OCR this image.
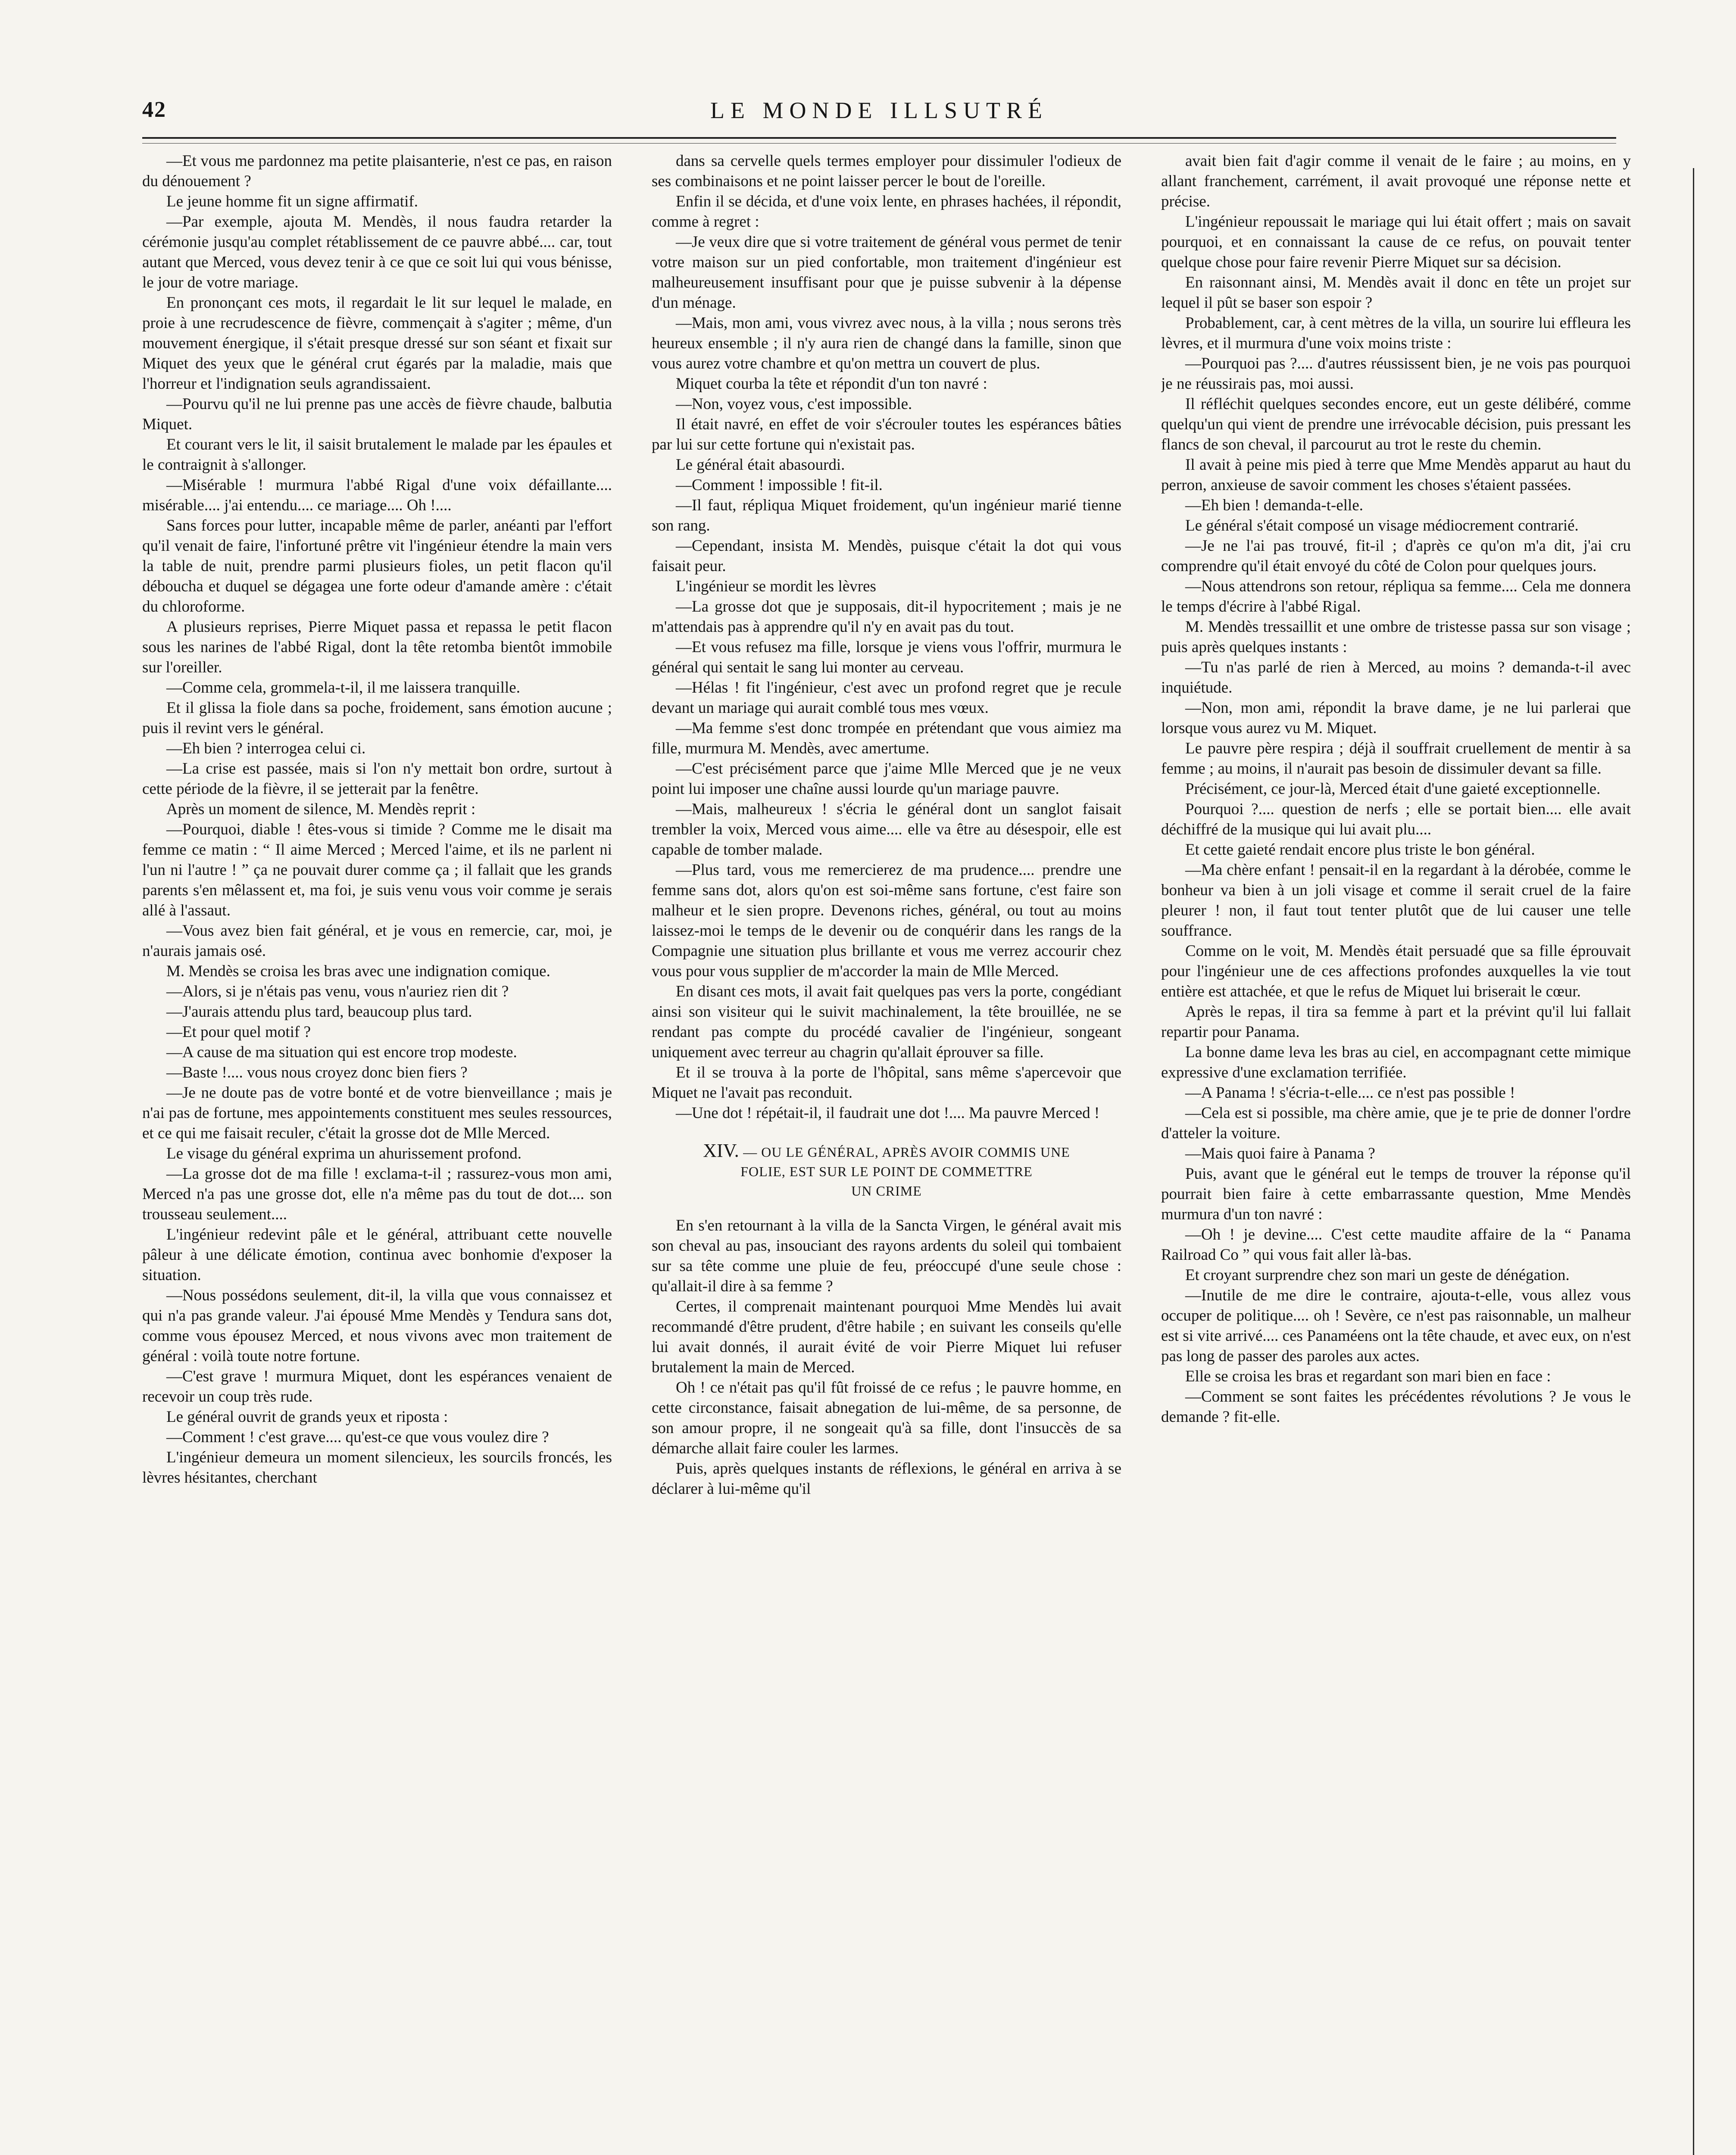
42	LE MONDE ILLSUTRÉ

—Et vous me pardonnez ma petite plaisanterie, n'est ce pas, en raison du dénouement ?

Le jeune homme fit un signe affirmatif.

—Par exemple, ajouta M. Mendès, il nous faudra retarder la cérémonie jusqu'au complet rétablissement de ce pauvre abbé.... car, tout autant que Merced, vous devez tenir à ce que ce soit lui qui vous bénisse, le jour de votre mariage.

En prononçant ces mots, il regardait le lit sur lequel le malade, en proie à une recrudescence de fièvre, commençait à s'agiter ; même, d'un mouvement énergique, il s'était presque dressé sur son séant et fixait sur Miquet des yeux que le général crut égarés par la maladie, mais que l'horreur et l'indignation seuls agrandissaient.

—Pourvu qu'il ne lui prenne pas une accès de fièvre chaude, balbutia Miquet.

Et courant vers le lit, il saisit brutalement le malade par les épaules et le contraignit à s'allonger.

—Misérable ! murmura l'abbé Rigal d'une voix défaillante.... misérable.... j'ai entendu.... ce mariage.... Oh !....

Sans forces pour lutter, incapable même de parler, anéanti par l'effort qu'il venait de faire, l'infortuné prêtre vit l'ingénieur étendre la main vers la table de nuit, prendre parmi plusieurs fioles, un petit flacon qu'il déboucha et duquel se dégagea une forte odeur d'amande amère : c'était du chloroforme.

A plusieurs reprises, Pierre Miquet passa et repassa le petit flacon sous les narines de l'abbé Rigal, dont la tête retomba bientôt immobile sur l'oreiller.

—Comme cela, grommela-t-il, il me laissera tranquille.

Et il glissa la fiole dans sa poche, froidement, sans émotion aucune ; puis il revint vers le général.

—Eh bien ? interrogea celui ci.

—La crise est passée, mais si l'on n'y mettait bon ordre, surtout à cette période de la fièvre, il se jetterait par la fenêtre.

Après un moment de silence, M. Mendès reprit :

—Pourquoi, diable ! êtes-vous si timide ? Comme me le disait ma femme ce matin : “ Il aime Merced ; Merced l'aime, et ils ne parlent ni l'un ni l'autre ! ” ça ne pouvait durer comme ça ; il fallait que les grands parents s'en mêlassent et, ma foi, je suis venu vous voir comme je serais allé à l'assaut.

—Vous avez bien fait général, et je vous en remercie, car, moi, je n'aurais jamais osé.

M. Mendès se croisa les bras avec une indignation comique.

—Alors, si je n'étais pas venu, vous n'auriez rien dit ?

—J'aurais attendu plus tard, beaucoup plus tard.

—Et pour quel motif ?

—A cause de ma situation qui est encore trop modeste.

—Baste !.... vous nous croyez donc bien fiers ?

—Je ne doute pas de votre bonté et de votre bienveillance ; mais je n'ai pas de fortune, mes appointements constituent mes seules ressources, et ce qui me faisait reculer, c'était la grosse dot de Mlle Merced.

Le visage du général exprima un ahurissement profond.

—La grosse dot de ma fille ! exclama-t-il ; rassurez-vous mon ami, Merced n'a pas une grosse dot, elle n'a même pas du tout de dot.... son trousseau seulement....

L'ingénieur redevint pâle et le général, attribuant cette nouvelle pâleur à une délicate émotion, continua avec bonhomie d'exposer la situation.

—Nous possédons seulement, dit-il, la villa que vous connaissez et qui n'a pas grande valeur. J'ai épousé Mme Mendès y Tendura sans dot, comme vous épousez Merced, et nous vivons avec mon traitement de général : voilà toute notre fortune.

—C'est grave ! murmura Miquet, dont les espérances venaient de recevoir un coup très rude.

Le général ouvrit de grands yeux et riposta :

—Comment ! c'est grave.... qu'est-ce que vous voulez dire ?

L'ingénieur demeura un moment silencieux, les sourcils froncés, les lèvres hésitantes, cherchant

dans sa cervelle quels termes employer pour dissimuler l'odieux de ses combinaisons et ne point laisser percer le bout de l'oreille.

Enfin il se décida, et d'une voix lente, en phrases hachées, il répondit, comme à regret :

—Je veux dire que si votre traitement de général vous permet de tenir votre maison sur un pied confortable, mon traitement d'ingénieur est malheureusement insuffisant pour que je puisse subvenir à la dépense d'un ménage.

—Mais, mon ami, vous vivrez avec nous, à la villa ; nous serons très heureux ensemble ; il n'y aura rien de changé dans la famille, sinon que vous aurez votre chambre et qu'on mettra un couvert de plus.

Miquet courba la tête et répondit d'un ton navré :

—Non, voyez vous, c'est impossible.

Il était navré, en effet de voir s'écrouler toutes les espérances bâties par lui sur cette fortune qui n'existait pas.

Le général était abasourdi.

—Comment ! impossible ! fit-il.

—Il faut, répliqua Miquet froidement, qu'un ingénieur marié tienne son rang.

—Cependant, insista M. Mendès, puisque c'était la dot qui vous faisait peur.

L'ingénieur se mordit les lèvres

—La grosse dot que je supposais, dit-il hypocritement ; mais je ne m'attendais pas à apprendre qu'il n'y en avait pas du tout.

—Et vous refusez ma fille, lorsque je viens vous l'offrir, murmura le général qui sentait le sang lui monter au cerveau.

—Hélas ! fit l'ingénieur, c'est avec un profond regret que je recule devant un mariage qui aurait comblé tous mes vœux.

—Ma femme s'est donc trompée en prétendant que vous aimiez ma fille, murmura M. Mendès, avec amertume.

—C'est précisément parce que j'aime Mlle Merced que je ne veux point lui imposer une chaîne aussi lourde qu'un mariage pauvre.

—Mais, malheureux ! s'écria le général dont un sanglot faisait trembler la voix, Merced vous aime.... elle va être au désespoir, elle est capable de tomber malade.

—Plus tard, vous me remercierez de ma prudence.... prendre une femme sans dot, alors qu'on est soi-même sans fortune, c'est faire son malheur et le sien propre. Devenons riches, général, ou tout au moins laissez-moi le temps de le devenir ou de conquérir dans les rangs de la Compagnie une situation plus brillante et vous me verrez accourir chez vous pour vous supplier de m'accorder la main de Mlle Merced.

En disant ces mots, il avait fait quelques pas vers la porte, congédiant ainsi son visiteur qui le suivit machinalement, la tête brouillée, ne se rendant pas compte du procédé cavalier de l'ingénieur, songeant uniquement avec terreur au chagrin qu'allait éprouver sa fille.

Et il se trouva à la porte de l'hôpital, sans même s'apercevoir que Miquet ne l'avait pas reconduit.

—Une dot ! répétait-il, il faudrait une dot !.... Ma pauvre Merced !

XIV. — OU LE GÉNÉRAL, APRÈS AVOIR COMMIS UNE
FOLIE, EST SUR LE POINT DE COMMETTRE
UN CRIME

En s'en retournant à la villa de la Sancta Virgen, le général avait mis son cheval au pas, insouciant des rayons ardents du soleil qui tombaient sur sa tête comme une pluie de feu, préoccupé d'une seule chose : qu'allait-il dire à sa femme ?

Certes, il comprenait maintenant pourquoi Mme Mendès lui avait recommandé d'être prudent, d'être habile ; en suivant les conseils qu'elle lui avait donnés, il aurait évité de voir Pierre Miquet lui refuser brutalement la main de Merced.

Oh ! ce n'était pas qu'il fût froissé de ce refus ; le pauvre homme, en cette circonstance, faisait abnegation de lui-même, de sa personne, de son amour propre, il ne songeait qu'à sa fille, dont l'insuccès de sa démarche allait faire couler les larmes.

Puis, après quelques instants de réflexions, le général en arriva à se déclarer à lui-même qu'il

avait bien fait d'agir comme il venait de le faire ; au moins, en y allant franchement, carrément, il avait provoqué une réponse nette et précise.

L'ingénieur repoussait le mariage qui lui était offert ; mais on savait pourquoi, et en connaissant la cause de ce refus, on pouvait tenter quelque chose pour faire revenir Pierre Miquet sur sa décision.

En raisonnant ainsi, M. Mendès avait il donc en tête un projet sur lequel il pût se baser son espoir ?

Probablement, car, à cent mètres de la villa, un sourire lui effleura les lèvres, et il murmura d'une voix moins triste :

—Pourquoi pas ?.... d'autres réussissent bien, je ne vois pas pourquoi je ne réussirais pas, moi aussi.

Il réfléchit quelques secondes encore, eut un geste délibéré, comme quelqu'un qui vient de prendre une irrévocable décision, puis pressant les flancs de son cheval, il parcourut au trot le reste du chemin.

Il avait à peine mis pied à terre que Mme Mendès apparut au haut du perron, anxieuse de savoir comment les choses s'étaient passées.

—Eh bien ! demanda-t-elle.

Le général s'était composé un visage médiocrement contrarié.

—Je ne l'ai pas trouvé, fit-il ; d'après ce qu'on m'a dit, j'ai cru comprendre qu'il était envoyé du côté de Colon pour quelques jours.

—Nous attendrons son retour, répliqua sa femme.... Cela me donnera le temps d'écrire à l'abbé Rigal.

M. Mendès tressaillit et une ombre de tristesse passa sur son visage ; puis après quelques instants :

—Tu n'as parlé de rien à Merced, au moins ? demanda-t-il avec inquiétude.

—Non, mon ami, répondit la brave dame, je ne lui parlerai que lorsque vous aurez vu M. Miquet.

Le pauvre père respira ; déjà il souffrait cruellement de mentir à sa femme ; au moins, il n'aurait pas besoin de dissimuler devant sa fille.

Précisément, ce jour-là, Merced était d'une gaieté exceptionnelle.

Pourquoi ?.... question de nerfs ; elle se portait bien.... elle avait déchiffré de la musique qui lui avait plu....

Et cette gaieté rendait encore plus triste le bon général.

—Ma chère enfant ! pensait-il en la regardant à la dérobée, comme le bonheur va bien à un joli visage et comme il serait cruel de la faire pleurer ! non, il faut tout tenter plutôt que de lui causer une telle souffrance.

Comme on le voit, M. Mendès était persuadé que sa fille éprouvait pour l'ingénieur une de ces affections profondes auxquelles la vie tout entière est attachée, et que le refus de Miquet lui briserait le cœur.

Après le repas, il tira sa femme à part et la prévint qu'il lui fallait repartir pour Panama.

La bonne dame leva les bras au ciel, en accompagnant cette mimique expressive d'une exclamation terrifiée.

—A Panama ! s'écria-t-elle.... ce n'est pas possible !

—Cela est si possible, ma chère amie, que je te prie de donner l'ordre d'atteler la voiture.

—Mais quoi faire à Panama ?

Puis, avant que le général eut le temps de trouver la réponse qu'il pourrait bien faire à cette embarrassante question, Mme Mendès murmura d'un ton navré :

—Oh ! je devine.... C'est cette maudite affaire de la “ Panama Railroad Co ” qui vous fait aller là-bas.

Et croyant surprendre chez son mari un geste de dénégation.

—Inutile de me dire le contraire, ajouta-t-elle, vous allez vous occuper de politique.... oh ! Sevère, ce n'est pas raisonnable, un malheur est si vite arrivé.... ces Panaméens ont la tête chaude, et avec eux, on n'est pas long de passer des paroles aux actes.

Elle se croisa les bras et regardant son mari bien en face :

—Comment se sont faites les précédentes révolutions ? Je vous le demande ? fit-elle.
